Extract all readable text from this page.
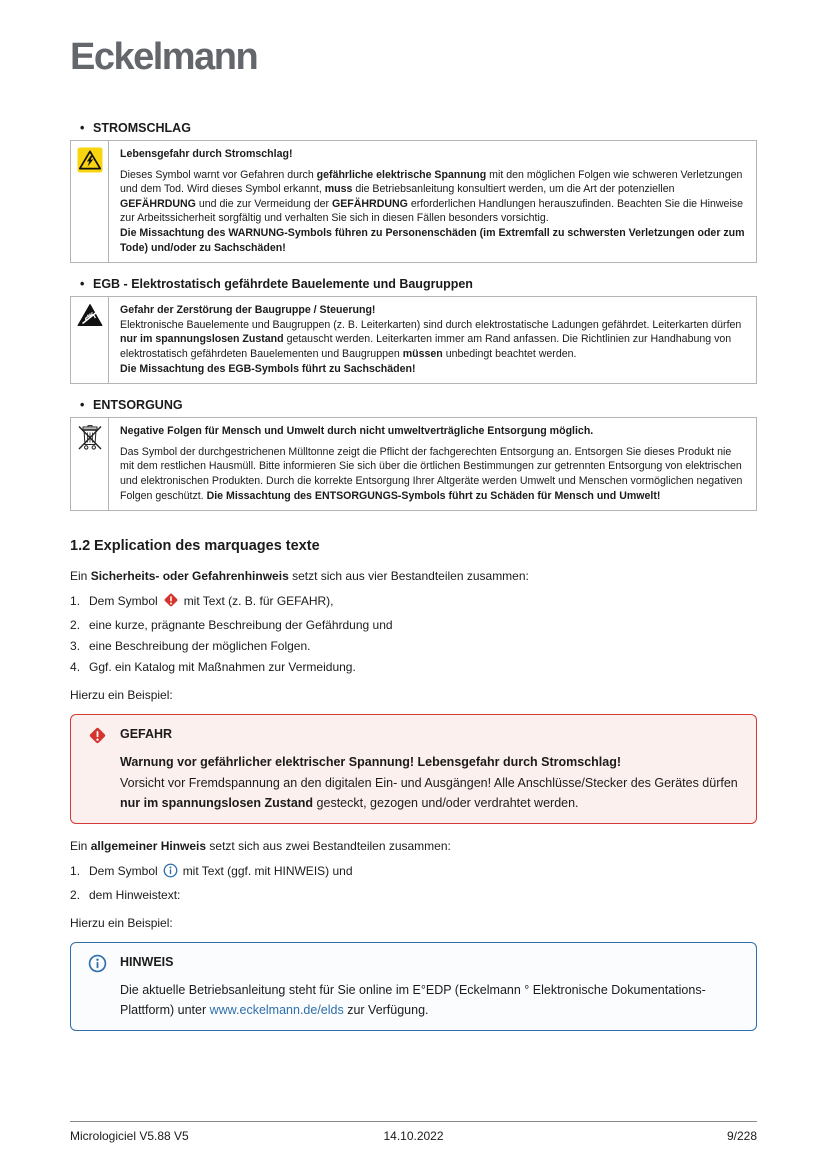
Eckelmann
• STROMSCHLAG
Lebensgefahr durch Stromschlag!
Dieses Symbol warnt vor Gefahren durch gefährliche elektrische Spannung mit den möglichen Folgen wie schweren Verletzungen und dem Tod. Wird dieses Symbol erkannt, muss die Betriebsanleitung konsultiert werden, um die Art der potenziellen GEFÄHRDUNG und die zur Vermeidung der GEFÄHRDUNG erforderlichen Handlungen herauszufinden. Beachten Sie die Hinweise zur Arbeitssicherheit sorgfältig und verhalten Sie sich in diesen Fällen besonders vorsichtig.
Die Missachtung des WARNUNG-Symbols führen zu Personenschäden (im Extremfall zu schwersten Verletzungen oder zum Tode) und/oder zu Sachschäden!
• EGB - Elektrostatisch gefährdete Bauelemente und Baugruppen
Gefahr der Zerstörung der Baugruppe / Steuerung!
Elektronische Bauelemente und Baugruppen (z. B. Leiterkarten) sind durch elektrostatische Ladungen gefährdet. Leiterkarten dürfen nur im spannungslosen Zustand getauscht werden. Leiterkarten immer am Rand anfassen. Die Richtlinien zur Handhabung von elektrostatisch gefährdeten Bauelementen und Baugruppen müssen unbedingt beachtet werden.
Die Missachtung des EGB-Symbols führt zu Sachschäden!
• ENTSORGUNG
Negative Folgen für Mensch und Umwelt durch nicht umweltverträgliche Entsorgung möglich.
Das Symbol der durchgestrichenen Mülltonne zeigt die Pflicht der fachgerechten Entsorgung an. Entsorgen Sie dieses Produkt nie mit dem restlichen Hausmüll. Bitte informieren Sie sich über die örtlichen Bestimmungen zur getrennten Entsorgung von elektrischen und elektronischen Produkten. Durch die korrekte Entsorgung Ihrer Altgeräte werden Umwelt und Menschen vormöglichen negativen Folgen geschützt. Die Missachtung des ENTSORGUNGS-Symbols führt zu Schäden für Mensch und Umwelt!
1.2 Explication des marquages texte

Ein Sicherheits- oder Gefahrenhinweis setzt sich aus vier Bestandteilen zusammen:

Dem Symbol mit Text (z. B. für GEFAHR),
eine kurze, prägnante Beschreibung der Gefährdung und
eine Beschreibung der möglichen Folgen.
Ggf. ein Katalog mit Maßnahmen zur Vermeidung.

Hierzu ein Beispiel:

GEFAHR
Warnung vor gefährlicher elektrischer Spannung! Lebensgefahr durch Stromschlag!
Vorsicht vor Fremdspannung an den digitalen Ein- und Ausgängen! Alle Anschlüsse/Stecker des Gerätes dürfen nur im spannungslosen Zustand gesteckt, gezogen und/oder verdrahtet werden.

Ein allgemeiner Hinweis setzt sich aus zwei Bestandteilen zusammen:

Dem Symbol mit Text (ggf. mit HINWEIS) und
dem Hinweistext:

Hierzu ein Beispiel:

HINWEIS
Die aktuelle Betriebsanleitung steht für Sie online im E°EDP (Eckelmann ° Elektronische Dokumentations-Plattform) unter www.eckelmann.de/elds zur Verfügung.
Micrologiciel V5.88 V5	14.10.2022	9/228
